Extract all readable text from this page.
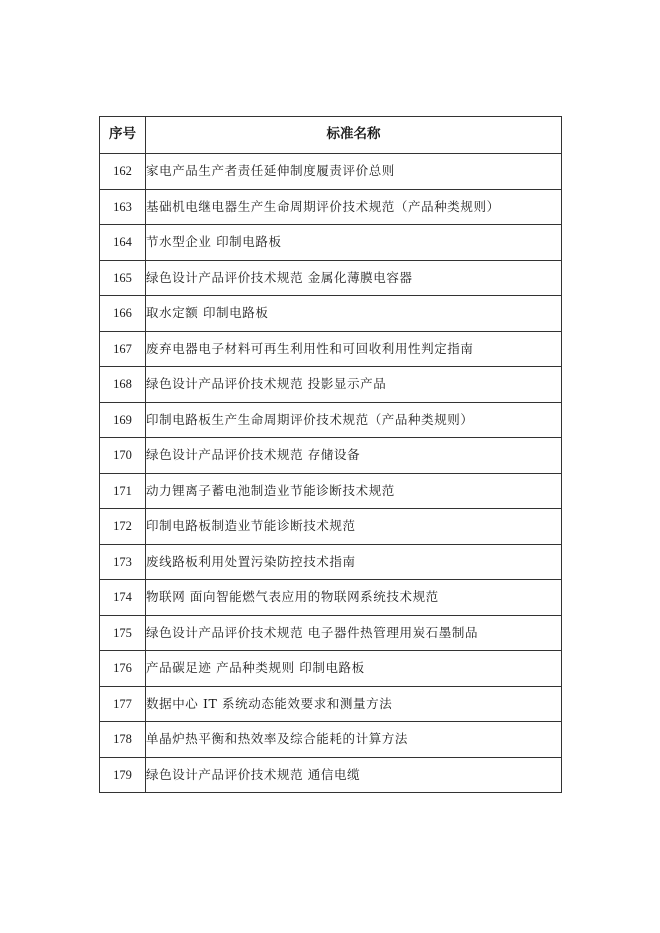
序号	标准名称
162	家电产品生产者责任延伸制度履责评价总则
163	基础机电继电器生产生命周期评价技术规范（产品种类规则）
164	节水型企业 印制电路板
165	绿色设计产品评价技术规范 金属化薄膜电容器
166	取水定额 印制电路板
167	废弃电器电子材料可再生利用性和可回收利用性判定指南
168	绿色设计产品评价技术规范 投影显示产品
169	印制电路板生产生命周期评价技术规范（产品种类规则）
170	绿色设计产品评价技术规范 存储设备
171	动力锂离子蓄电池制造业节能诊断技术规范
172	印制电路板制造业节能诊断技术规范
173	废线路板利用处置污染防控技术指南
174	物联网 面向智能燃气表应用的物联网系统技术规范
175	绿色设计产品评价技术规范 电子器件热管理用炭石墨制品
176	产品碳足迹 产品种类规则 印制电路板
177	数据中心 IT 系统动态能效要求和测量方法
178	单晶炉热平衡和热效率及综合能耗的计算方法
179	绿色设计产品评价技术规范 通信电缆
